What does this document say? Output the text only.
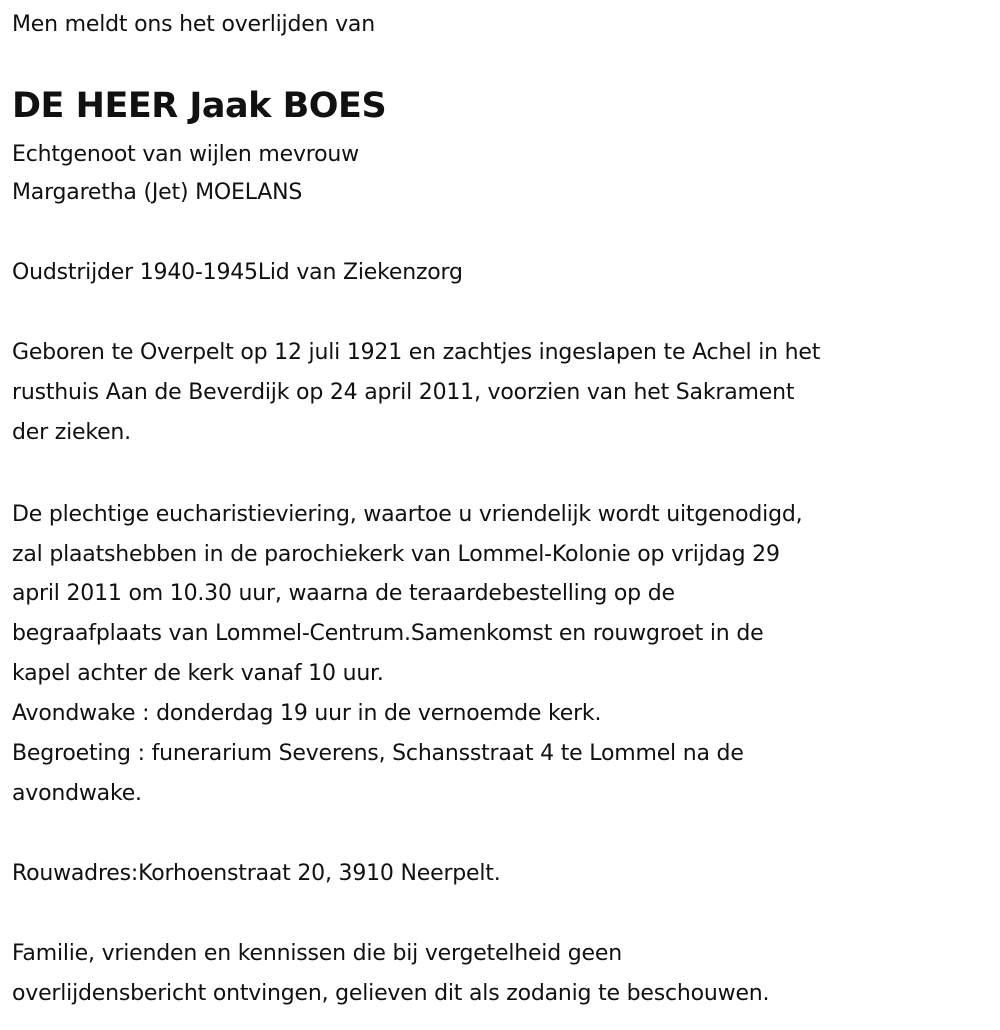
Men meldt ons het overlijden van
DE HEER Jaak BOES
Echtgenoot van wijlen mevrouw
Margaretha (Jet) MOELANS
Oudstrijder 1940-1945Lid van Ziekenzorg
Geboren te Overpelt op 12 juli 1921 en zachtjes ingeslapen te Achel in het
rusthuis Aan de Beverdijk op 24 april 2011, voorzien van het Sakrament
der zieken.
De plechtige eucharistieviering, waartoe u vriendelijk wordt uitgenodigd,
zal plaatshebben in de parochiekerk van Lommel-Kolonie op vrijdag 29
april 2011 om 10.30 uur, waarna de teraardebestelling op de
begraafplaats van Lommel-Centrum.Samenkomst en rouwgroet in de
kapel achter de kerk vanaf 10 uur.
Avondwake : donderdag 19 uur in de vernoemde kerk.
Begroeting : funerarium Severens, Schansstraat 4 te Lommel na de
avondwake.
Rouwadres:Korhoenstraat 20, 3910 Neerpelt.
Familie, vrienden en kennissen die bij vergetelheid geen
overlijdensbericht ontvingen, gelieven dit als zodanig te beschouwen.
